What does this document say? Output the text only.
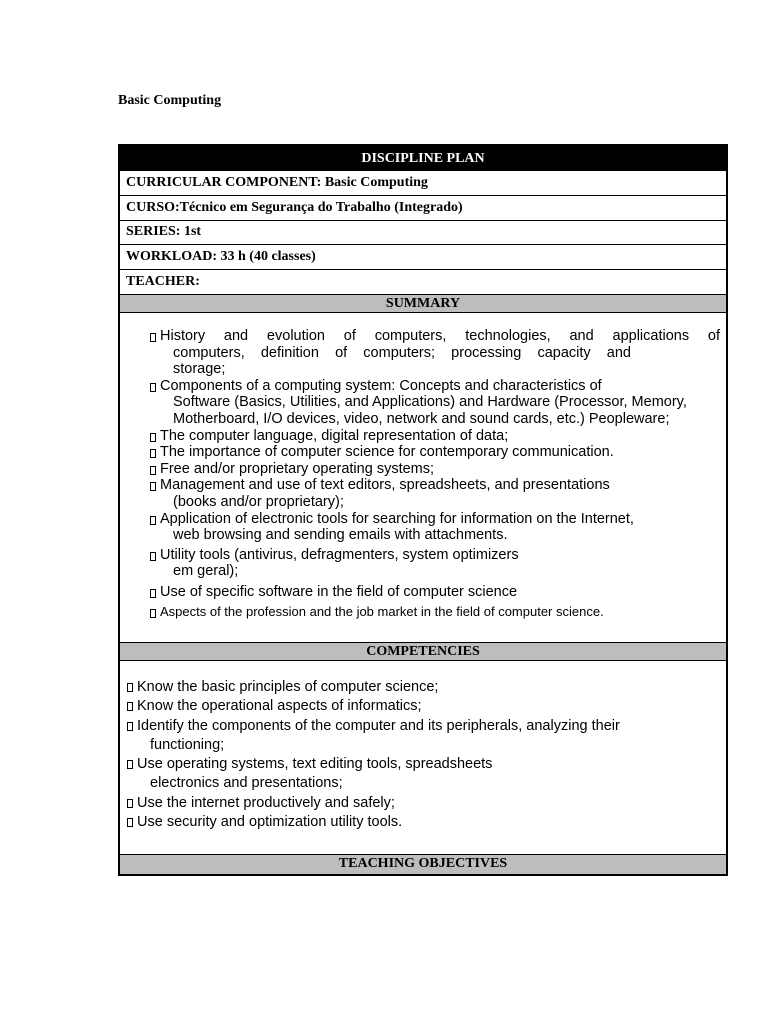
Basic Computing
DISCIPLINE PLAN
CURRICULAR COMPONENT: Basic Computing
CURSO:Técnico em Segurança do Trabalho (Integrado)
SERIES: 1st
WORKLOAD: 33 h (40 classes)
TEACHER:
SUMMARY
History and evolution of computers, technologies, and applications of
computers, definition of computers; processing capacity and
storage;
Components of a computing system: Concepts and characteristics of
Software (Basics, Utilities, and Applications) and Hardware (Processor, Memory,
Motherboard, I/O devices, video, network and sound cards, etc.) Peopleware;
The computer language, digital representation of data;
The importance of computer science for contemporary communication.
Free and/or proprietary operating systems;
Management and use of text editors, spreadsheets, and presentations
(books and/or proprietary);
Application of electronic tools for searching for information on the Internet,
web browsing and sending emails with attachments.
Utility tools (antivirus, defragmenters, system optimizers
em geral);
Use of specific software in the field of computer science
Aspects of the profession and the job market in the field of computer science.
COMPETENCIES
Know the basic principles of computer science;
Know the operational aspects of informatics;
Identify the components of the computer and its peripherals, analyzing their
functioning;
Use operating systems, text editing tools, spreadsheets
electronics and presentations;
Use the internet productively and safely;
Use security and optimization utility tools.
TEACHING OBJECTIVES
